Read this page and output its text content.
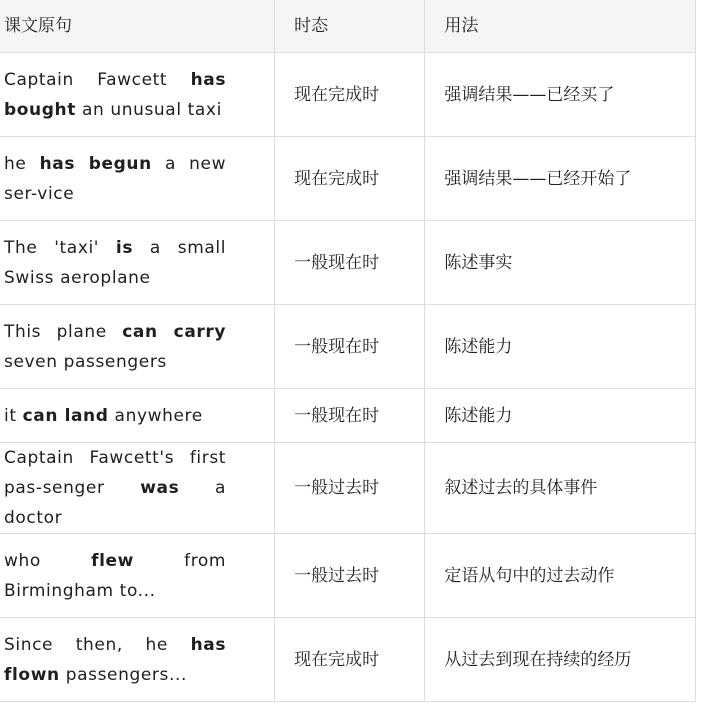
课文原句	时态	用法

Captain Fawcett has bought an unusual taxi	现在完成时	强调结果——已经买了

he has begun a new ser-vice	现在完成时	强调结果——已经开始了

The 'taxi' is a small Swiss aeroplane	一般现在时	陈述事实

This plane can carry seven passengers	一般现在时	陈述能力

it can land anywhere	一般现在时	陈述能力

Captain Fawcett's first pas-senger was a doctor	一般过去时	叙述过去的具体事件

who flew from Birmingham to...	一般过去时	定语从句中的过去动作

Since then, he has flown passengers...	现在完成时	从过去到现在持续的经历
